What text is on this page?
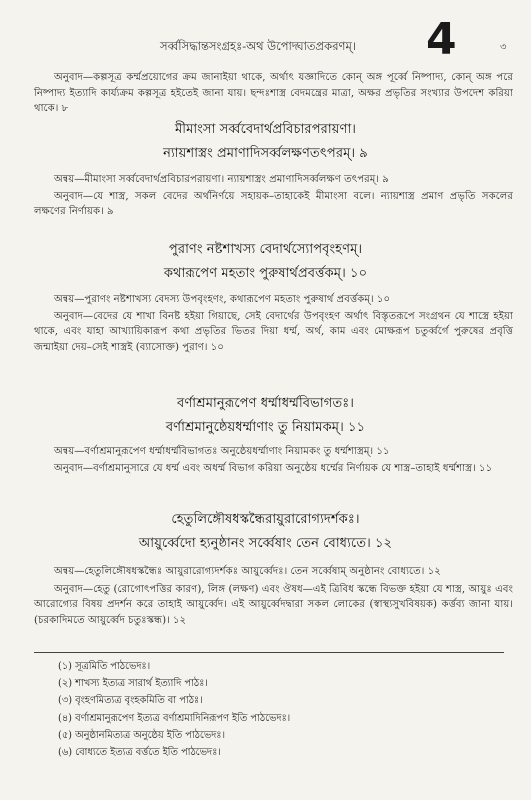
সর্ব্বসিদ্ধান্তসংগ্রহঃ-অথ উপোদ্ঘাতপ্রকরণম্। 4	৩

অনুবাদ—কল্পসূত্র কর্ম্মপ্রয়োগের ক্রম জানাইয়া থাকে, অর্থাৎ যজ্ঞাদিতে কোন্ অঙ্গ পূর্ব্বে নিষ্পাদ্য, কোন্ অঙ্গ পরে নিষ্পাদ্য ইত্যাদি কার্য্যক্রম কল্পসূত্র হইতেই জানা যায়। ছন্দঃশাস্ত্র বেদমন্ত্রের মাত্রা, অক্ষর প্রভৃতির সংখ্যার উপদেশ করিয়া থাকে। ৮

মীমাংসা সর্ব্ববেদার্থপ্রবিচারপরায়ণা।
ন্যায়শাস্ত্রং প্রমাণাদিসর্ব্বলক্ষণতৎপরম্‌। ৯

অন্বয়—মীমাংসা সর্ব্ববেদার্থপ্রবিচারপরায়ণা। ন্যায়শাস্ত্রং প্রমাণাদিসর্ব্বলক্ষণ তৎপরম্‌। ৯

অনুবাদ—যে শাস্ত্র, সকল বেদের অর্থনির্ণয়ে সহায়ক–তাহাকেই মীমাংসা বলে। ন্যায়শাস্ত্র প্রমাণ প্রভৃতি সকলের লক্ষণের নির্ণায়ক। ৯

পুরাণং নষ্টশাখস্য বেদার্থস্যোপবৃংহণম্‌।
কথারূপেণ মহতাং পুরুষার্থপ্রবর্ত্তকম্‌। ১০

অন্বয়—পুরাণং নষ্টশাখস্য বেদস্য উপবৃংহণং, কথারূপেণ মহতাং পুরুষার্থ প্রবর্ত্তকম্‌। ১০

অনুবাদ—বেদের যে শাখা বিনষ্ট হইয়া গিয়াছে, সেই বেদার্থের উপবৃংহণ অর্থাৎ বিস্তৃতরূপে সংগ্রথন যে শাস্ত্রে হইয়া থাকে, এবং যাহা আখ্যায়িকারূপ কথা প্রভৃতির ভিতর দিয়া ধর্ম্ম, অর্থ, কাম এবং মোক্ষরূপ চতুর্ব্বর্গে পুরুষের প্রবৃত্তি জন্মাইয়া দেয়–সেই শাস্ত্রই (ব্যাসোক্ত) পুরাণ। ১০

বর্ণাশ্রমানুরূপেণ ধর্ম্মাধর্ম্মবিভাগতঃ।
বর্ণাশ্রমানুষ্ঠেয়ধর্ম্মাণাং তু নিয়ামকম্‌। ১১

অন্বয়—বর্ণাশ্রমানুরূপেণ ধর্ম্মাধর্ম্মবিভাগতঃ অনুষ্ঠেয়ধর্ম্মাণাং নিয়ামকং তু ধর্ম্মশাস্ত্রম্‌। ১১

অনুবাদ—বর্ণাশ্রমানুসারে যে ধর্ম্ম এবং অধর্ম্ম বিভাগ করিয়া অনুষ্ঠেয় ধর্ম্মের নির্ণায়ক যে শাস্ত্র–তাহাই ধর্ম্মশাস্ত্র। ১১

হেতুলিঙ্গৌষধস্কন্ধৈরায়ুরারোগ্যদর্শকঃ।
আয়ুর্ব্বেদো হ্যনুষ্ঠানং সর্ব্বেষাং তেন বোধ্যতে। ১২

অন্বয়—হেতুলিঙ্গৌষধস্কন্ধৈঃ আয়ুরারোগ্যদর্শকঃ আয়ুর্ব্বেদঃ। তেন সর্ব্বেষাম্ অনুষ্ঠানং বোধ্যতে। ১২

অনুবাদ—হেতু (রোগোৎপত্তির কারণ), লিঙ্গ (লক্ষণ) এবং ঔষধ—এই ত্রিবিধ স্কন্ধে বিভক্ত হইয়া যে শাস্ত্র, আয়ুঃ এবং আরোগ্যের বিষয় প্রদর্শন করে তাহাই আয়ুর্ব্বেদ। এই আয়ুর্ব্বেদদ্বারা সকল লোকের (স্বাস্থ্যসুখবিষয়ক) কর্ত্তব্য জানা যায়। (চরকাদিমতে আয়ুর্ব্বেদ চতুঃস্কন্ধ)। ১২

(১) সূত্রমিতি পাঠভেদঃ।
(২) শাখস্য ইত্যত্র সারার্থ ইত্যাদি পাঠঃ।
(৩) বৃংহণমিত্যত্র বৃংহকমিতি বা পাঠঃ।
(৪) বর্ণাশ্রমানুরূপেণ ইত্যত্র বর্ণাশ্রমাদিনিরূপণ ইতি পাঠভেদঃ।
(৫) অনুষ্ঠানমিত্যত্র অনুষ্ঠেয় ইতি পাঠভেদঃ।
(৬) বোধ্যতে ইত্যত্র বর্ত্ততে ইতি পাঠভেদঃ।
